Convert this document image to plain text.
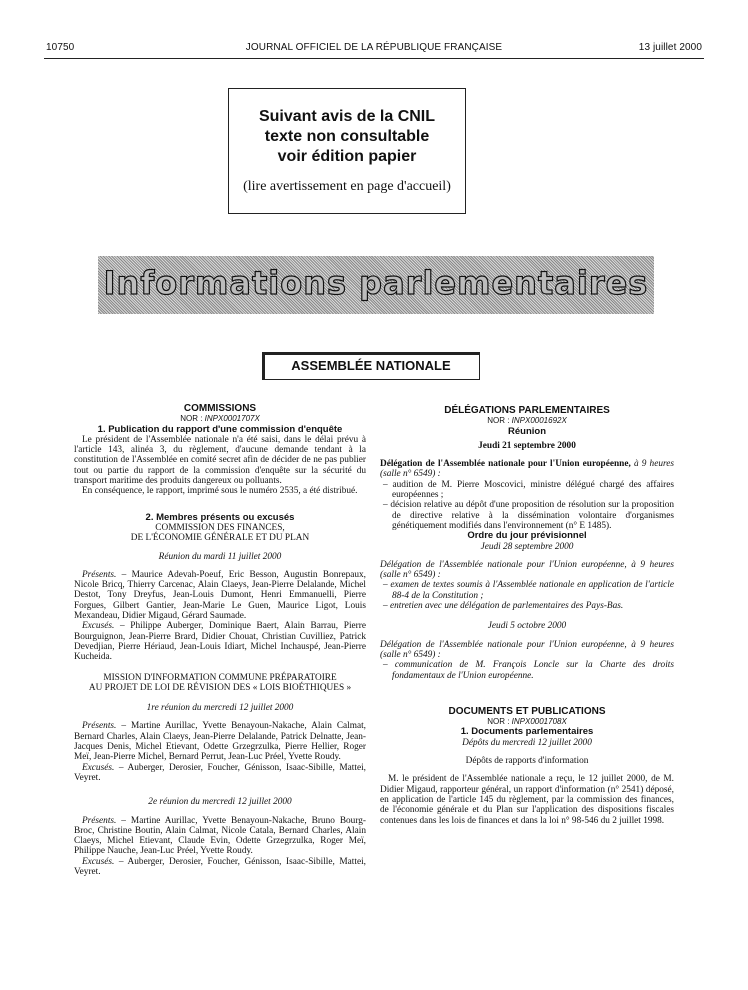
10750	JOURNAL OFFICIEL DE LA RÉPUBLIQUE FRANÇAISE	13 juillet 2000
Suivant avis de la CNIL
texte non consultable
voir édition papier
(lire avertissement en page d'accueil)
Informations parlementaires
ASSEMBLÉE NATIONALE

COMMISSIONS

NOR : INPX0001707X

1. Publication du rapport d'une commission d'enquête

Le président de l'Assemblée nationale n'a été saisi, dans le délai prévu à l'article 143, alinéa 3, du règlement, d'aucune demande tendant à la constitution de l'Assemblée en comité secret afin de décider de ne pas publier tout ou partie du rapport de la commission d'enquête sur la sécurité du transport maritime des produits dangereux ou polluants.

En conséquence, le rapport, imprimé sous le numéro 2535, a été distribué.

2. Membres présents ou excusés

COMMISSION DES FINANCES,

DE L'ÉCONOMIE GÉNÉRALE ET DU PLAN

Réunion du mardi 11 juillet 2000

Présents. – Maurice Adevah-Poeuf, Eric Besson, Augustin Bonrepaux, Nicole Bricq, Thierry Carcenac, Alain Claeys, Jean-Pierre Delalande, Michel Destot, Tony Dreyfus, Jean-Louis Dumont, Henri Emmanuelli, Pierre Forgues, Gilbert Gantier, Jean-Marie Le Guen, Maurice Ligot, Louis Mexandeau, Didier Migaud, Gérard Saumade.

Excusés. – Philippe Auberger, Dominique Baert, Alain Barrau, Pierre Bourguignon, Jean-Pierre Brard, Didier Chouat, Christian Cuvilliez, Patrick Devedjian, Pierre Hériaud, Jean-Louis Idiart, Michel Inchauspé, Jean-Pierre Kucheida.

MISSION D'INFORMATION COMMUNE PRÉPARATOIRE

AU PROJET DE LOI DE RÉVISION DES « LOIS BIOÉTHIQUES »

1re réunion du mercredi 12 juillet 2000

Présents. – Martine Aurillac, Yvette Benayoun-Nakache, Alain Calmat, Bernard Charles, Alain Claeys, Jean-Pierre Delalande, Patrick Delnatte, Jean-Jacques Denis, Michel Etievant, Odette Grzegrzulka, Pierre Hellier, Roger Meï, Jean-Pierre Michel, Bernard Perrut, Jean-Luc Préel, Yvette Roudy.

Excusés. – Auberger, Derosier, Foucher, Génisson, Isaac-Sibille, Mattei, Veyret.

2e réunion du mercredi 12 juillet 2000

Présents. – Martine Aurillac, Yvette Benayoun-Nakache, Bruno Bourg-Broc, Christine Boutin, Alain Calmat, Nicole Catala, Bernard Charles, Alain Claeys, Michel Etievant, Claude Evin, Odette Grzegrzulka, Roger Meï, Philippe Nauche, Jean-Luc Préel, Yvette Roudy.

Excusés. – Auberger, Derosier, Foucher, Génisson, Isaac-Sibille, Mattei, Veyret.

DÉLÉGATIONS PARLEMENTAIRES

NOR : INPX0001692X

Réunion

Jeudi 21 septembre 2000

Délégation de l'Assemblée nationale pour l'Union européenne, à 9 heures (salle n° 6549) :

– audition de M. Pierre Moscovici, ministre délégué chargé des affaires européennes ;

– décision relative au dépôt d'une proposition de résolution sur la proposition de directive relative à la dissémination volontaire d'organismes génétiquement modifiés dans l'environnement (n° E 1485).

Ordre du jour prévisionnel

Jeudi 28 septembre 2000

Délégation de l'Assemblée nationale pour l'Union européenne, à 9 heures (salle n° 6549) :

– examen de textes soumis à l'Assemblée nationale en application de l'article 88-4 de la Constitution ;

– entretien avec une délégation de parlementaires des Pays-Bas.

Jeudi 5 octobre 2000

Délégation de l'Assemblée nationale pour l'Union européenne, à 9 heures (salle n° 6549) :

– communication de M. François Loncle sur la Charte des droits fondamentaux de l'Union européenne.

DOCUMENTS ET PUBLICATIONS

NOR : INPX0001708X

1. Documents parlementaires

Dépôts du mercredi 12 juillet 2000

Dépôts de rapports d'information

M. le président de l'Assemblée nationale a reçu, le 12 juillet 2000, de M. Didier Migaud, rapporteur général, un rapport d'information (n° 2541) déposé, en application de l'article 145 du règlement, par la commission des finances, de l'économie générale et du Plan sur l'application des dispositions fiscales contenues dans les lois de finances et dans la loi n° 98-546 du 2 juillet 1998.
